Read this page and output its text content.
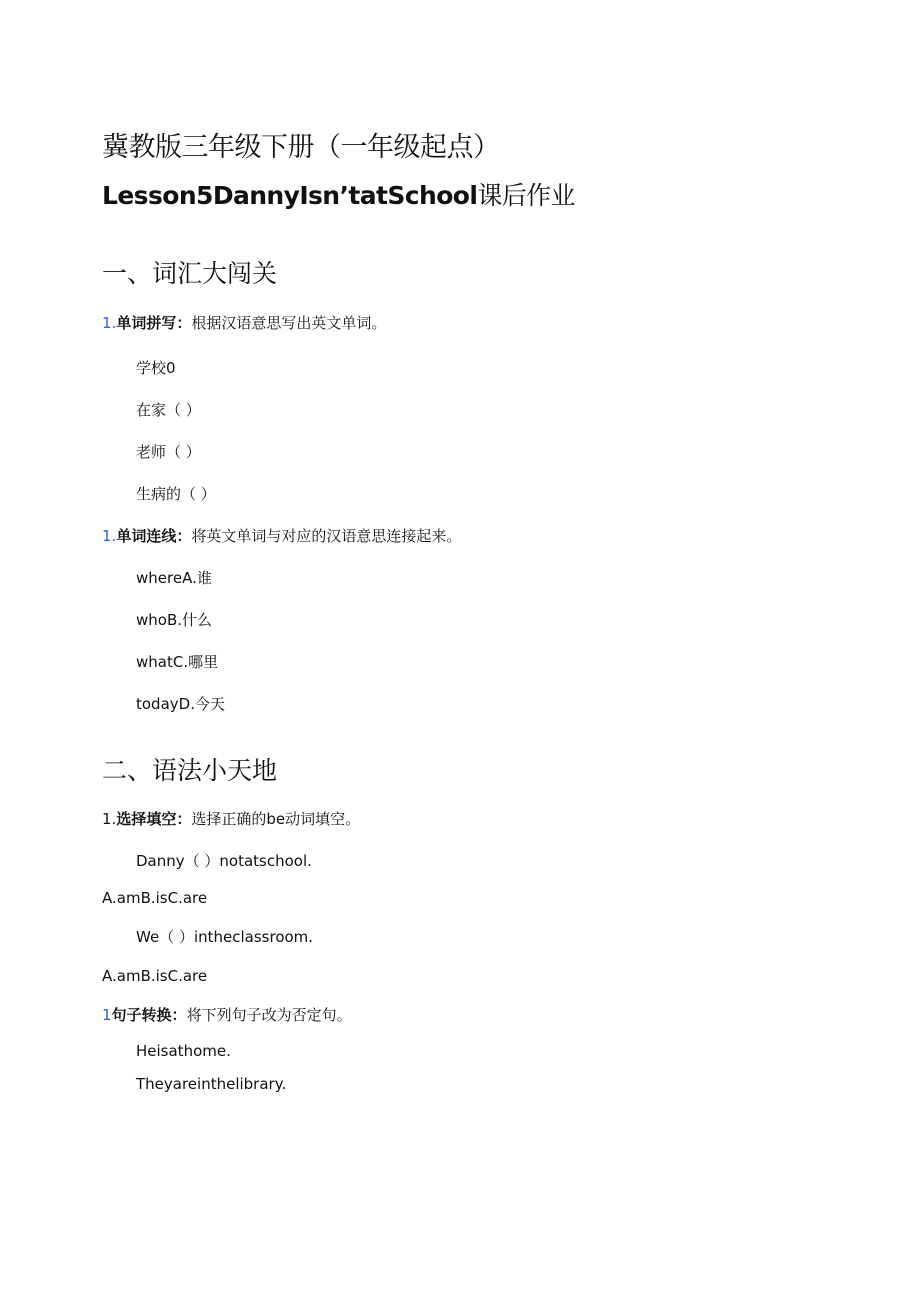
冀教版三年级下册（一年级起点）
Lesson5DannyIsn’tatSchool课后作业
一、词汇大闯关
1.单词拼写：根据汉语意思写出英文单词。
学校0
在家（ ）
老师（ ）
生病的（ ）
1.单词连线：将英文单词与对应的汉语意思连接起来。
whereA.谁
whoB.什么
whatC.哪里
todayD.今天
二、语法小天地
1.选择填空：选择正确的be动词填空。
Danny（ ）notatschool.
A.amB.isC.are
We（ ）intheclassroom.
A.amB.isC.are
1句子转换：将下列句子改为否定句。
Heisathome.
Theyareinthelibrary.
